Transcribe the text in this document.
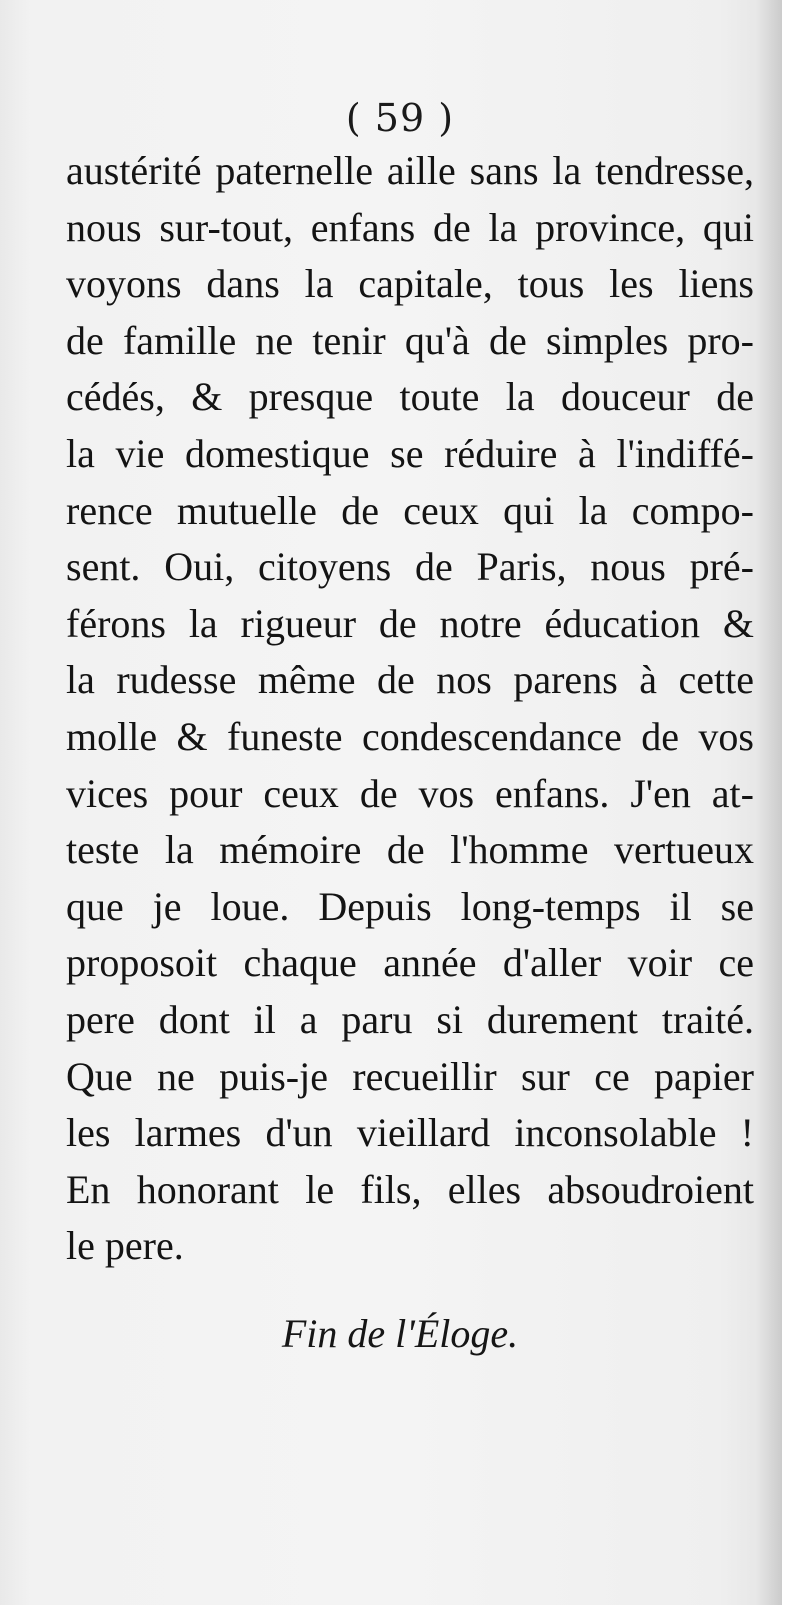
( 59 )
austérité paternelle aille sans la tendresse,
nous sur-tout, enfans de la province, qui
voyons dans la capitale, tous les liens
de famille ne tenir qu'à de simples pro-
cédés, & presque toute la douceur de
la vie domestique se réduire à l'indiffé-
rence mutuelle de ceux qui la compo-
sent. Oui, citoyens de Paris, nous pré-
férons la rigueur de notre éducation &
la rudesse même de nos parens à cette
molle & funeste condescendance de vos
vices pour ceux de vos enfans. J'en at-
teste la mémoire de l'homme vertueux
que je loue. Depuis long-temps il se
proposoit chaque année d'aller voir ce
pere dont il a paru si durement traité.
Que ne puis-je recueillir sur ce papier
les larmes d'un vieillard inconsolable !
En honorant le fils, elles absoudroient
le pere.
Fin de l'Éloge.
